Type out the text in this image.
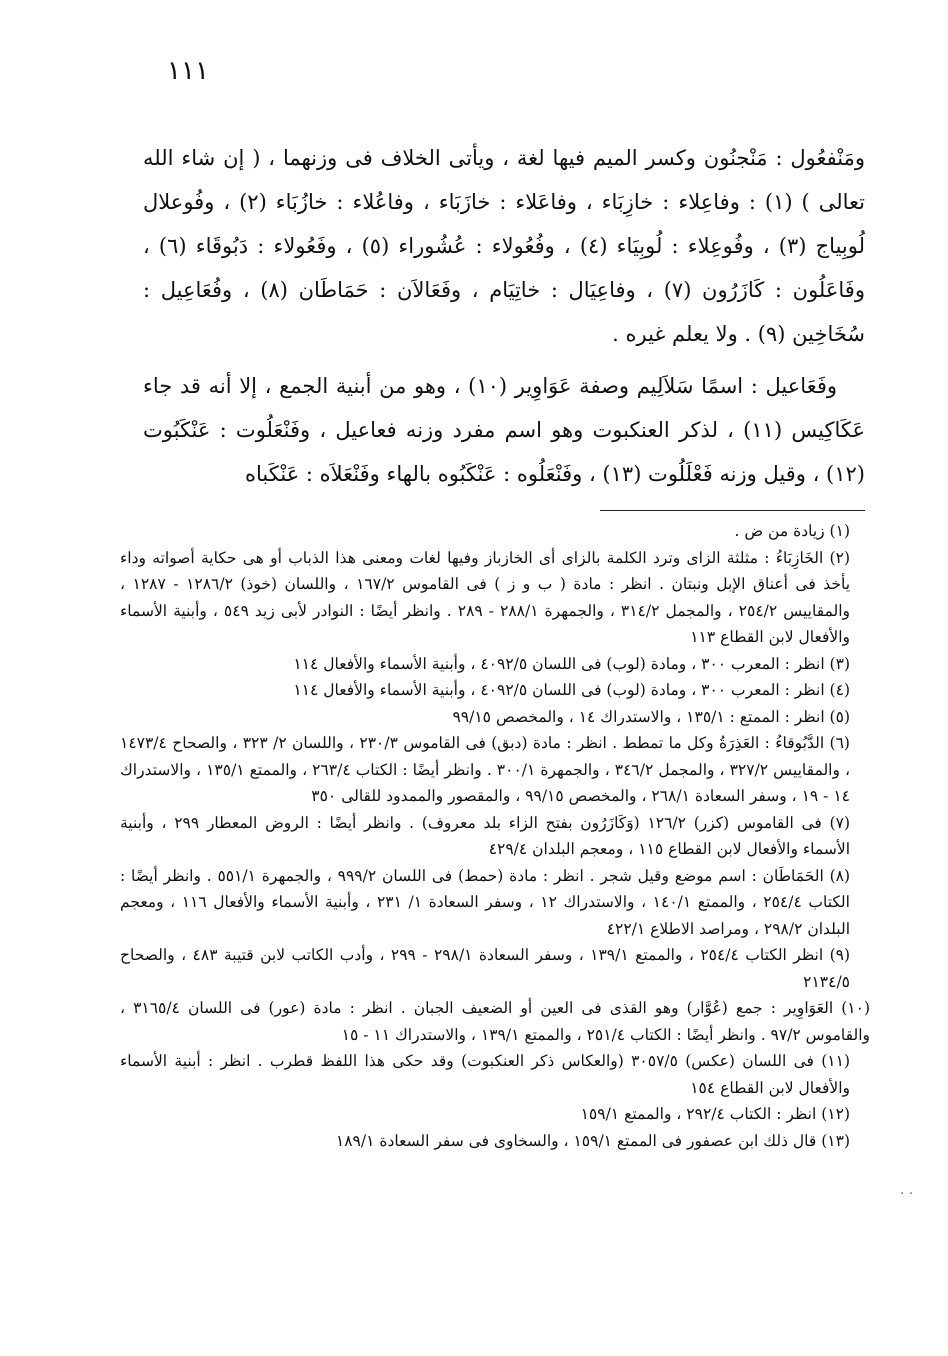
١١١

ومَنْفعُول : مَنْجنُون وكسر الميم فيها لغة ، ويأتى الخلاف فى وزنهما ، ( إن شاء الله تعالى ) (١) : وفاعِلاء : خازِبَاء ، وفاعَلاء : خازَبَاء ، وفاعُلاء : خازُبَاء (٢) ، وفُوعلال لُوبِياج (٣) ، وفُوعِلاء : لُوبِيَاء (٤) ، وفُعُولاء : عُشُوراء (٥) ، وفَعُولاء : دَبُوقَاء (٦) ، وفَاعَلُون : كَازَرُون (٧) ، وفاعِيَال : خاتِيَام ، وفَعَالاَن : حَمَاطَان (٨) ، وفُعَاعِيل : سُخَاخِين (٩) . ولا يعلم غيره .

وفَعَاعيل : اسمًا سَلاَلِيم وصفة عَوَاوِير (١٠) ، وهو من أبنية الجمع ، إلا أنه قد جاء عَكَاكِيس (١١) ، لذكر العنكبوت وهو اسم مفرد وزنه فعاعيل ، وفَنْعَلُوت : عَنْكَبُوت (١٢) ، وقيل وزنه فَعْلَلُوت (١٣) ، وفَنْعَلُوه : عَنْكَبُوه بالهاء وفَنْعَلاَه : عَنْكَباه

(١) زيادة من ض .

(٢) الخَازِبَاءُ : مثلثة الزاى وترد الكلمة بالزاى أى الخازباز وفيها لغات ومعنى هذا الذباب أو هى حكاية أصواته وداء يأخذ فى أعناق الإبل ونبتان . انظر : مادة ( ب و ز ) فى القاموس ١٦٧/٢ ، واللسان (خوذ) ١٢٨٦/٢ - ١٢٨٧ ، والمقاييس ٢٥٤/٢ ، والمجمل ٣١٤/٢ ، والجمهرة ٢٨٨/١ - ٢٨٩ . وانظر أيضًا : النوادر لأبى زيد ٥٤٩ ، وأبنية الأسماء والأفعال لابن القطاع ١١٣

(٣) انظر : المعرب ٣٠٠ ، ومادة (لوب) فى اللسان ٤٠٩٢/٥ ، وأبنية الأسماء والأفعال ١١٤

(٤) انظر : المعرب ٣٠٠ ، ومادة (لوب) فى اللسان ٤٠٩٢/٥ ، وأبنية الأسماء والأفعال ١١٤

(٥) انظر : الممتع : ١٣٥/١ ، والاستدراك ١٤ ، والمخصص ٩٩/١٥

(٦) الدَّبُوقاءُ : العَذِرَةُ وكل ما تمطط . انظر : مادة (دبق) فى القاموس ٢٣٠/٣ ، واللسان ٢/ ٣٢٣ ، والصحاح ١٤٧٣/٤ ، والمقاييس ٣٢٧/٢ ، والمجمل ٣٤٦/٢ ، والجمهرة ٣٠٠/١ . وانظر أيضًا : الكتاب ٢٦٣/٤ ، والممتع ١٣٥/١ ، والاستدراك ١٤ - ١٩ ، وسفر السعادة ٢٦٨/١ ، والمخصص ٩٩/١٥ ، والمقصور والممدود للقالى ٣٥٠

(٧) فى القاموس (كزر) ١٢٦/٢ (وَكَازَرُون بفتح الزاء بلد معروف) . وانظر أيضًا : الروض المعطار ٢٩٩ ، وأبنية الأسماء والأفعال لابن القطاع ١١٥ ، ومعجم البلدان ٤٢٩/٤

(٨) الحَمَاطَان : اسم موضع وقيل شجر . انظر : مادة (حمط) فى اللسان ٩٩٩/٢ ، والجمهرة ٥٥١/١ . وانظر أيضًا : الكتاب ٢٥٤/٤ ، والممتع ١٤٠/١ ، والاستدراك ١٢ ، وسفر السعادة ١/ ٢٣١ ، وأبنية الأسماء والأفعال ١١٦ ، ومعجم البلدان ٢٩٨/٢ ، ومراصد الاطلاع ٤٢٢/١

(٩) انظر الكتاب ٢٥٤/٤ ، والممتع ١٣٩/١ ، وسفر السعادة ٢٩٨/١ - ٢٩٩ ، وأدب الكاتب لابن قتيبة ٤٨٣ ، والصحاح ٢١٣٤/٥

(١٠) العَوَاوِير : جمع (عُوَّار) وهو القذى فى العين أو الضعيف الجبان . انظر : مادة (عور) فى اللسان ٣١٦٥/٤ ، والقاموس ٩٧/٢ . وانظر أيضًا : الكتاب ٢٥١/٤ ، والممتع ١٣٩/١ ، والاستدراك ١١ - ١٥

(١١) فى اللسان (عكس) ٣٠٥٧/٥ (والعكاس ذكر العنكبوت) وقد حكى هذا اللفظ قطرب . انظر : أبنية الأسماء والأفعال لابن القطاع ١٥٤

(١٢) انظر : الكتاب ٢٩٢/٤ ، والممتع ١٥٩/١

(١٣) قال ذلك ابن عصفور فى الممتع ١٥٩/١ ، والسخاوى فى سفر السعادة ١٨٩/١

· ·
